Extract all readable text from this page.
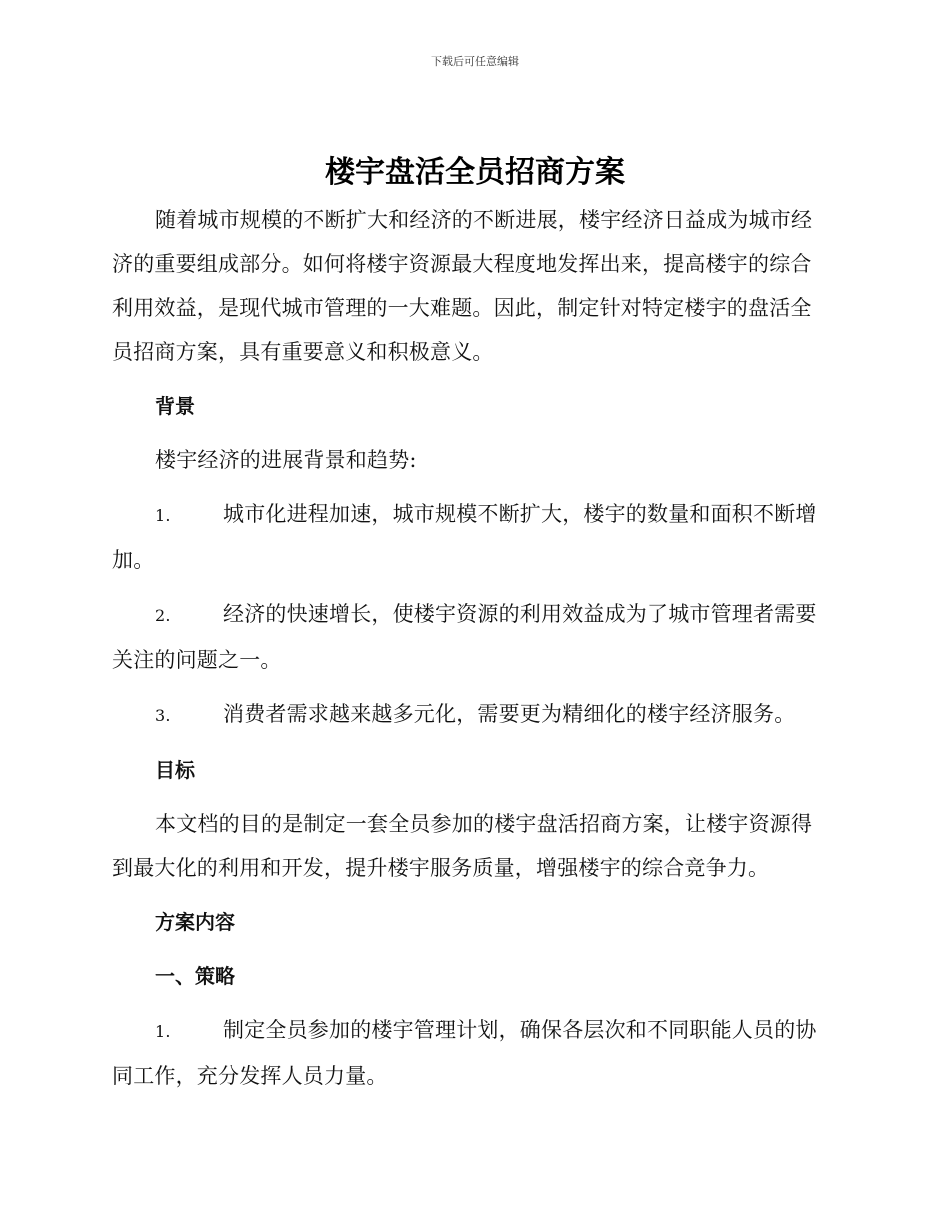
下载后可任意编辑
楼宇盘活全员招商方案

随着城市规模的不断扩大和经济的不断进展，楼宇经济日益成为城市经济的重要组成部分。如何将楼宇资源最大程度地发挥出来，提高楼宇的综合利用效益，是现代城市管理的一大难题。因此，制定针对特定楼宇的盘活全员招商方案，具有重要意义和积极意义。

背景

楼宇经济的进展背景和趋势:

1. 城市化进程加速，城市规模不断扩大，楼宇的数量和面积不断增加。

2. 经济的快速增长，使楼宇资源的利用效益成为了城市管理者需要关注的问题之一。

3. 消费者需求越来越多元化，需要更为精细化的楼宇经济服务。

目标

本文档的目的是制定一套全员参加的楼宇盘活招商方案，让楼宇资源得到最大化的利用和开发，提升楼宇服务质量，增强楼宇的综合竞争力。

方案内容

一、策略

1. 制定全员参加的楼宇管理计划，确保各层次和不同职能人员的协同工作，充分发挥人员力量。
